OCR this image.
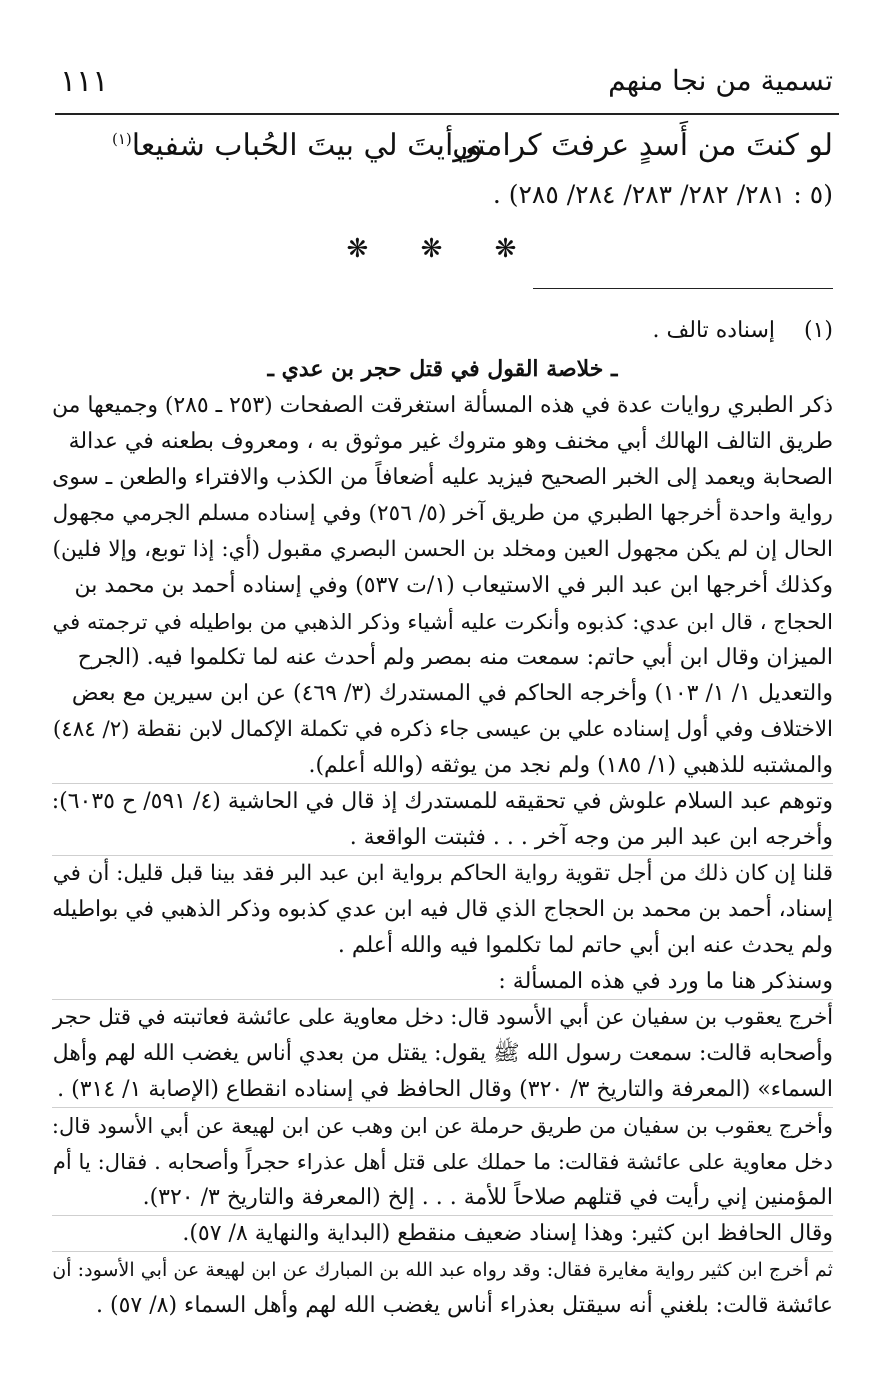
تسمية من نجا منهم
١١١
لو كنتَ من أَسدٍ عرفتَ كرامتي
ورأيتَ لي بيتَ الحُباب شفيعا$^{(١)}$
(٥ : ٢٨١/ ٢٨٢/ ٢٨٣/ ٢٨٤/ ٢٨٥) .
❋ ❋ ❋
(١)إسناده تالف .
ـ خلاصة القول في قتل حجر بن عدي ـ
ذكر الطبري روايات عدة في هذه المسألة استغرقت الصفحات (٢٥٣ ـ ٢٨٥) وجميعها من
طريق التالف الهالك أبي مخنف وهو متروك غير موثوق به ، ومعروف بطعنه في عدالة
الصحابة ويعمد إلى الخبر الصحيح فيزيد عليه أضعافاً من الكذب والافتراء والطعن ـ سوى
رواية واحدة أخرجها الطبري من طريق آخر (٥/ ٢٥٦) وفي إسناده مسلم الجرمي مجهول
الحال إن لم يكن مجهول العين ومخلد بن الحسن البصري مقبول (أي: إذا توبع، وإلا فلين)
وكذلك أخرجها ابن عبد البر في الاستيعاب (١/ت ٥٣٧) وفي إسناده أحمد بن محمد بن
الحجاج ، قال ابن عدي: كذبوه وأنكرت عليه أشياء وذكر الذهبي من بواطيله في ترجمته في
الميزان وقال ابن أبي حاتم: سمعت منه بمصر ولم أحدث عنه لما تكلموا فيه. (الجرح
والتعديل ١/ ١/ ١٠٣) وأخرجه الحاكم في المستدرك (٣/ ٤٦٩) عن ابن سيرين مع بعض
الاختلاف وفي أول إسناده علي بن عيسى جاء ذكره في تكملة الإكمال لابن نقطة (٢/ ٤٨٤)
والمشتبه للذهبي (١/ ١٨٥) ولم نجد من يوثقه (والله أعلم).
وتوهم عبد السلام علوش في تحقيقه للمستدرك إذ قال في الحاشية (٤/ ٥٩١/ ح ٦٠٣٥):
وأخرجه ابن عبد البر من وجه آخر . . . فثبتت الواقعة .
قلنا إن كان ذلك من أجل تقوية رواية الحاكم برواية ابن عبد البر فقد بينا قبل قليل: أن في
إسناد، أحمد بن محمد بن الحجاج الذي قال فيه ابن عدي كذبوه وذكر الذهبي في بواطيله
ولم يحدث عنه ابن أبي حاتم لما تكلموا فيه والله أعلم .
وسنذكر هنا ما ورد في هذه المسألة :
أخرج يعقوب بن سفيان عن أبي الأسود قال: دخل معاوية على عائشة فعاتبته في قتل حجر
وأصحابه قالت: سمعت رسول الله ﷺ يقول: يقتل من بعدي أناس يغضب الله لهم وأهل
السماء» (المعرفة والتاريخ ٣/ ٣٢٠) وقال الحافظ في إسناده انقطاع (الإصابة ١/ ٣١٤) .
وأخرج يعقوب بن سفيان من طريق حرملة عن ابن وهب عن ابن لهيعة عن أبي الأسود قال:
دخل معاوية على عائشة فقالت: ما حملك على قتل أهل عذراء حجراً وأصحابه . فقال: يا أم
المؤمنين إني رأيت في قتلهم صلاحاً للأمة . . . إلخ (المعرفة والتاريخ ٣/ ٣٢٠).
وقال الحافظ ابن كثير: وهذا إسناد ضعيف منقطع (البداية والنهاية ٨/ ٥٧).
ثم أخرج ابن كثير رواية مغايرة فقال: وقد رواه عبد الله بن المبارك عن ابن لهيعة عن أبي الأسود: أن
عائشة قالت: بلغني أنه سيقتل بعذراء أناس يغضب الله لهم وأهل السماء (٨/ ٥٧) .
